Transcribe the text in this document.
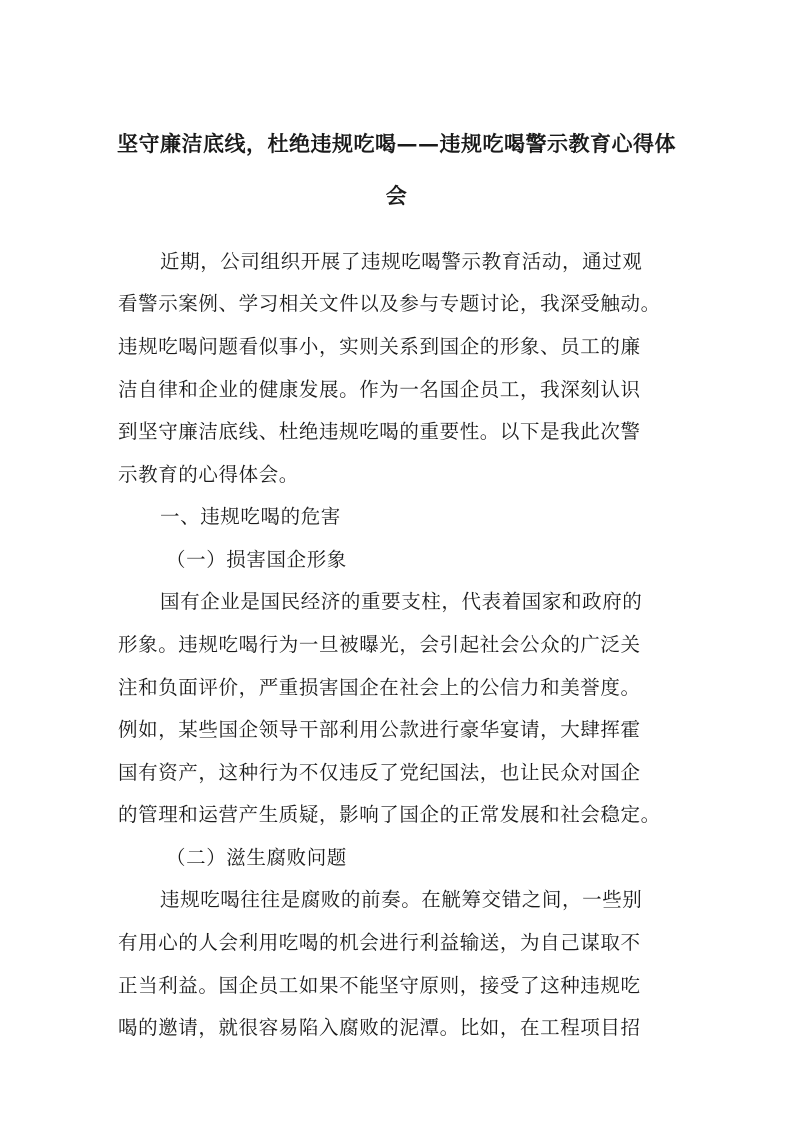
坚守廉洁底线，杜绝违规吃喝——违规吃喝警示教育心得体
会
近期，公司组织开展了违规吃喝警示教育活动，通过观
看警示案例、学习相关文件以及参与专题讨论，我深受触动。
违规吃喝问题看似事小，实则关系到国企的形象、员工的廉
洁自律和企业的健康发展。作为一名国企员工，我深刻认识
到坚守廉洁底线、杜绝违规吃喝的重要性。以下是我此次警
示教育的心得体会。
一、违规吃喝的危害
（一）损害国企形象
国有企业是国民经济的重要支柱，代表着国家和政府的
形象。违规吃喝行为一旦被曝光，会引起社会公众的广泛关
注和负面评价，严重损害国企在社会上的公信力和美誉度。
例如，某些国企领导干部利用公款进行豪华宴请，大肆挥霍
国有资产，这种行为不仅违反了党纪国法，也让民众对国企
的管理和运营产生质疑，影响了国企的正常发展和社会稳定。
（二）滋生腐败问题
违规吃喝往往是腐败的前奏。在觥筹交错之间，一些别
有用心的人会利用吃喝的机会进行利益输送，为自己谋取不
正当利益。国企员工如果不能坚守原则，接受了这种违规吃
喝的邀请，就很容易陷入腐败的泥潭。比如，在工程项目招
